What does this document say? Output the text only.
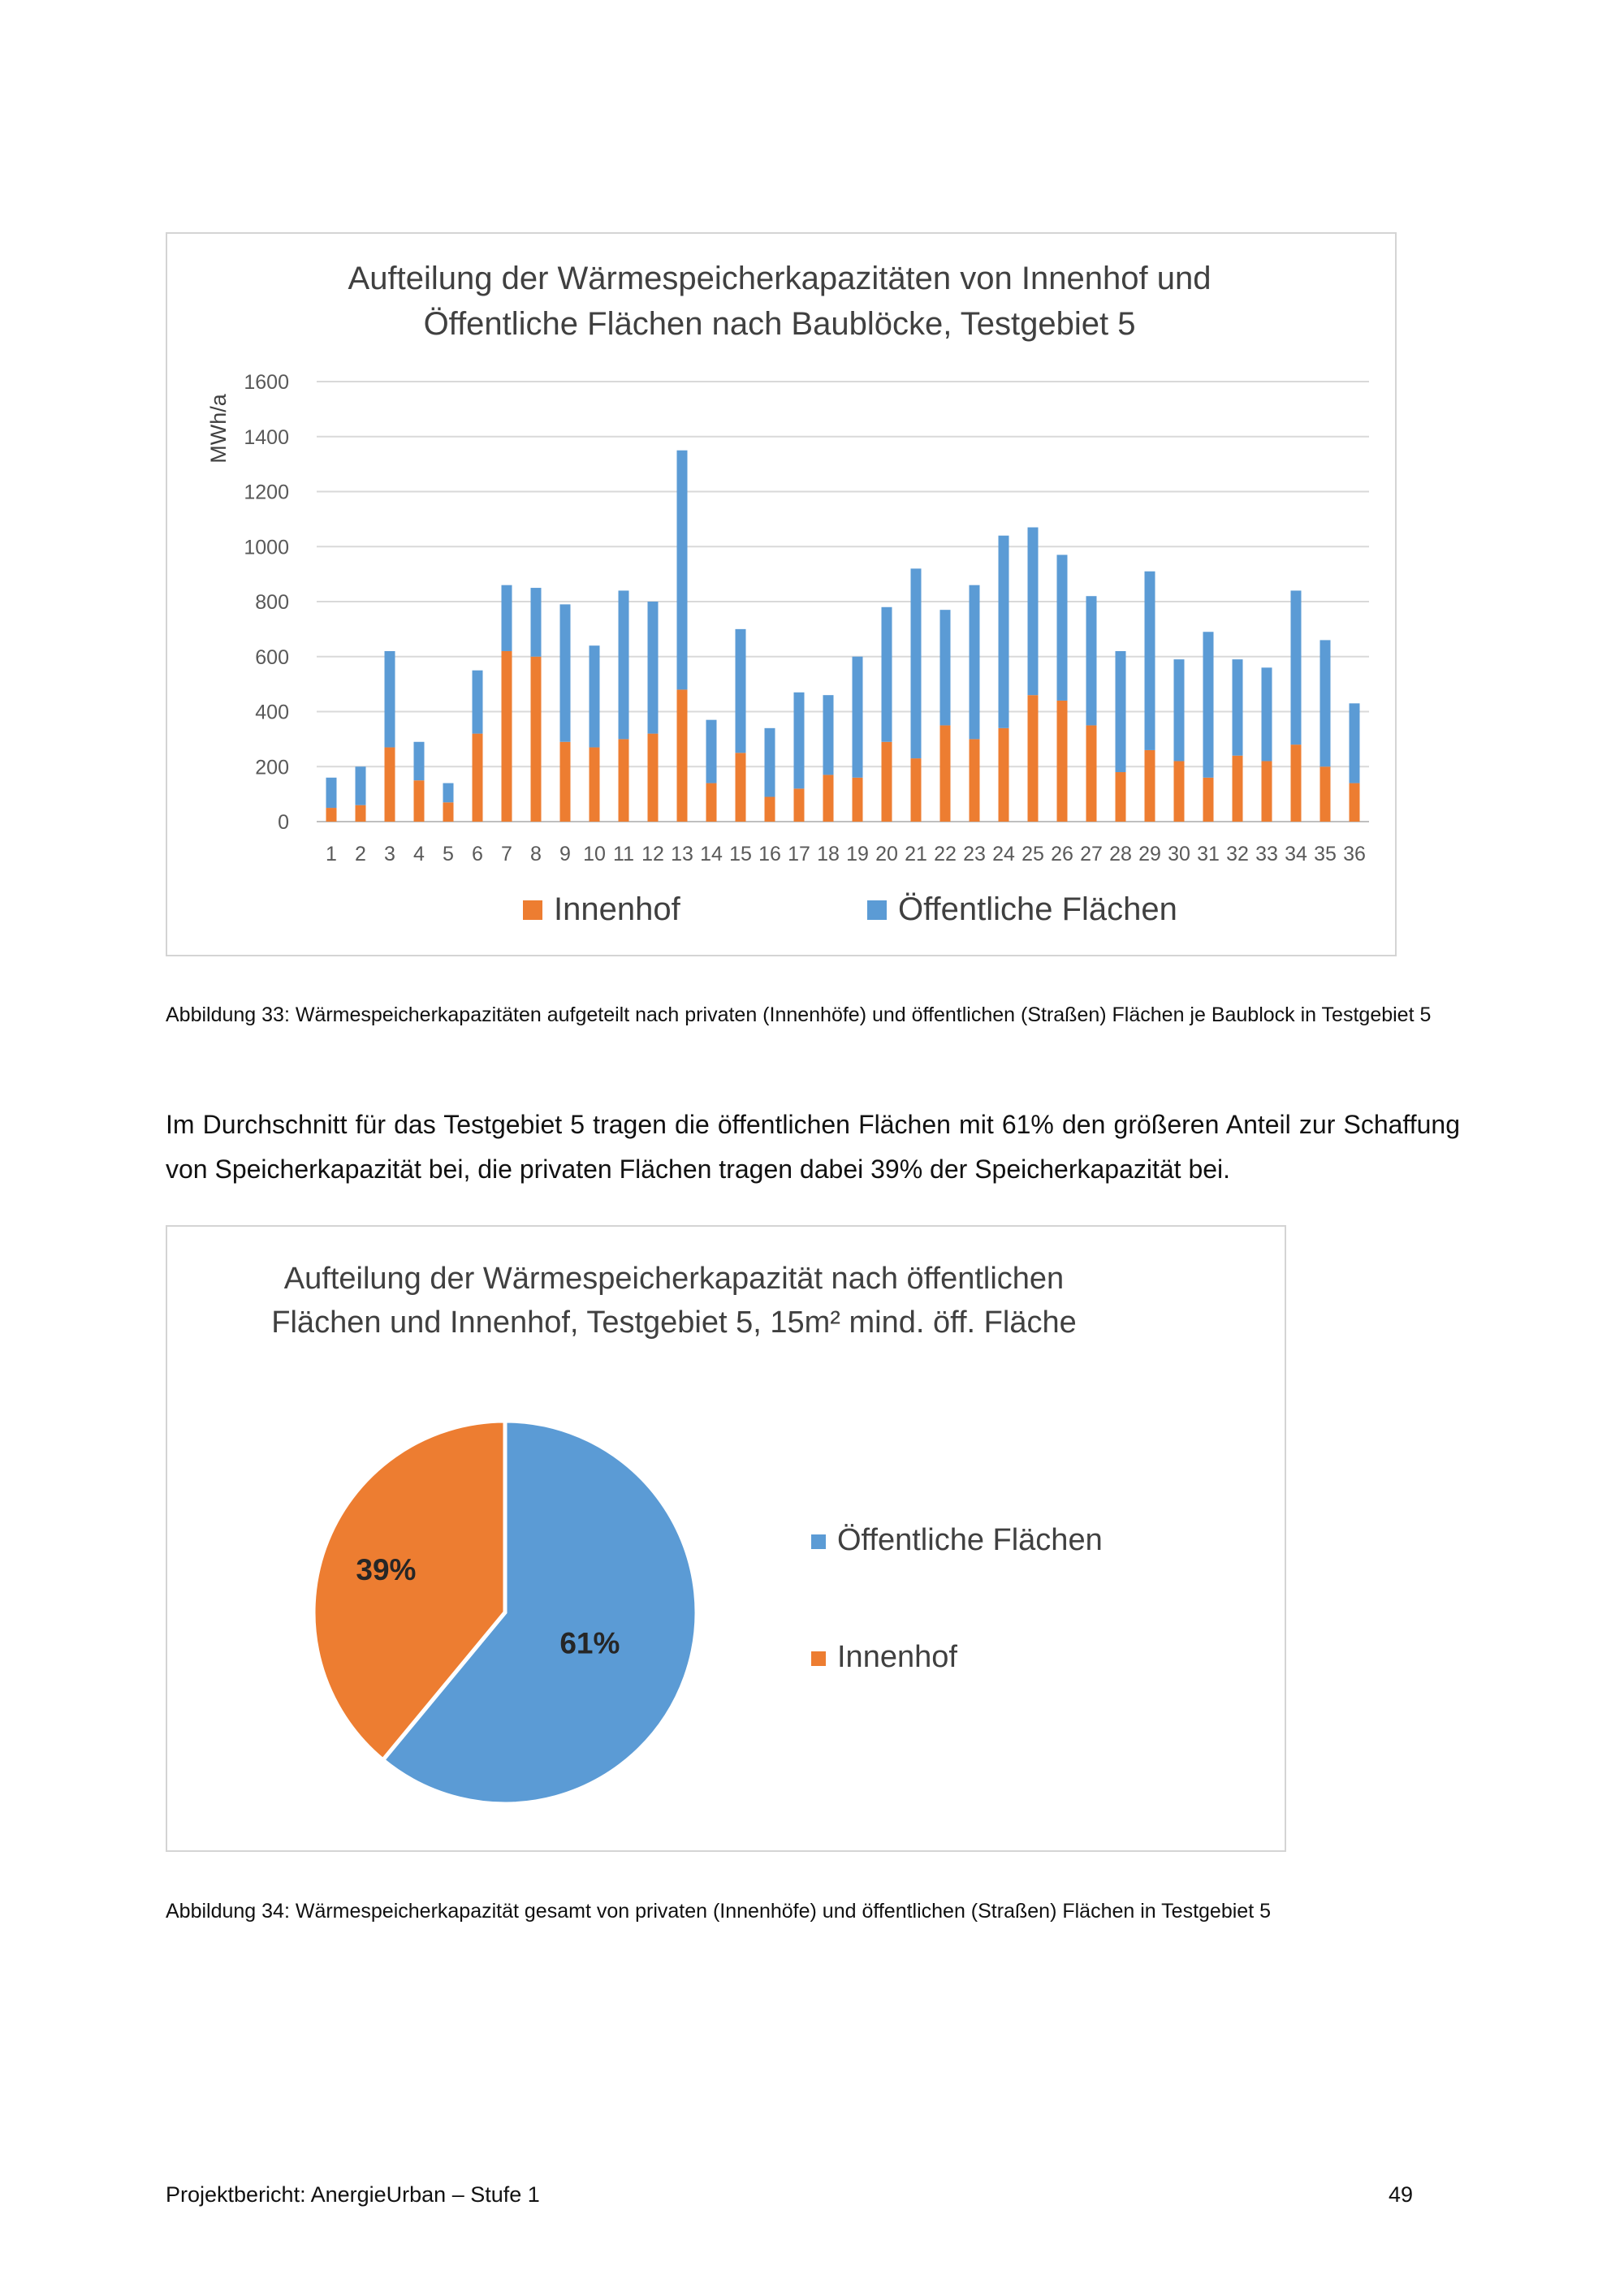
Aufteilung der Wärmespeicherkapazitäten von Innenhof und
Öffentliche Flächen nach Baublöcke, Testgebiet 5
MWh/a
0
200
400
600
800
1000
1200
1400
1600
1 2 3 4 5 6 7 8 9 10 11 12 13 14 15 16 17 18 19 20 21 22 23 24 25 26 27 28 29 30 31 32 33 34 35 36
Innenhof	Öffentliche Flächen
Abbildung 33: Wärmespeicherkapazitäten aufgeteilt nach privaten (Innenhöfe) und öffentlichen (Straßen) Flächen je Baublock in Testgebiet 5
Im Durchschnitt für das Testgebiet 5 tragen die öffentlichen Flächen mit 61% den größeren Anteil zur Schaffung von Speicherkapazität bei, die privaten Flächen tragen dabei 39% der Speicherkapazität bei.
Aufteilung der Wärmespeicherkapazität nach öffentlichen
Flächen und Innenhof, Testgebiet 5, 15m² mind. öff. Fläche
61%
39%
Öffentliche Flächen
Innenhof
Abbildung 34: Wärmespeicherkapazität gesamt von privaten (Innenhöfe) und öffentlichen (Straßen) Flächen in Testgebiet 5
Projektbericht: AnergieUrban – Stufe 1	49
